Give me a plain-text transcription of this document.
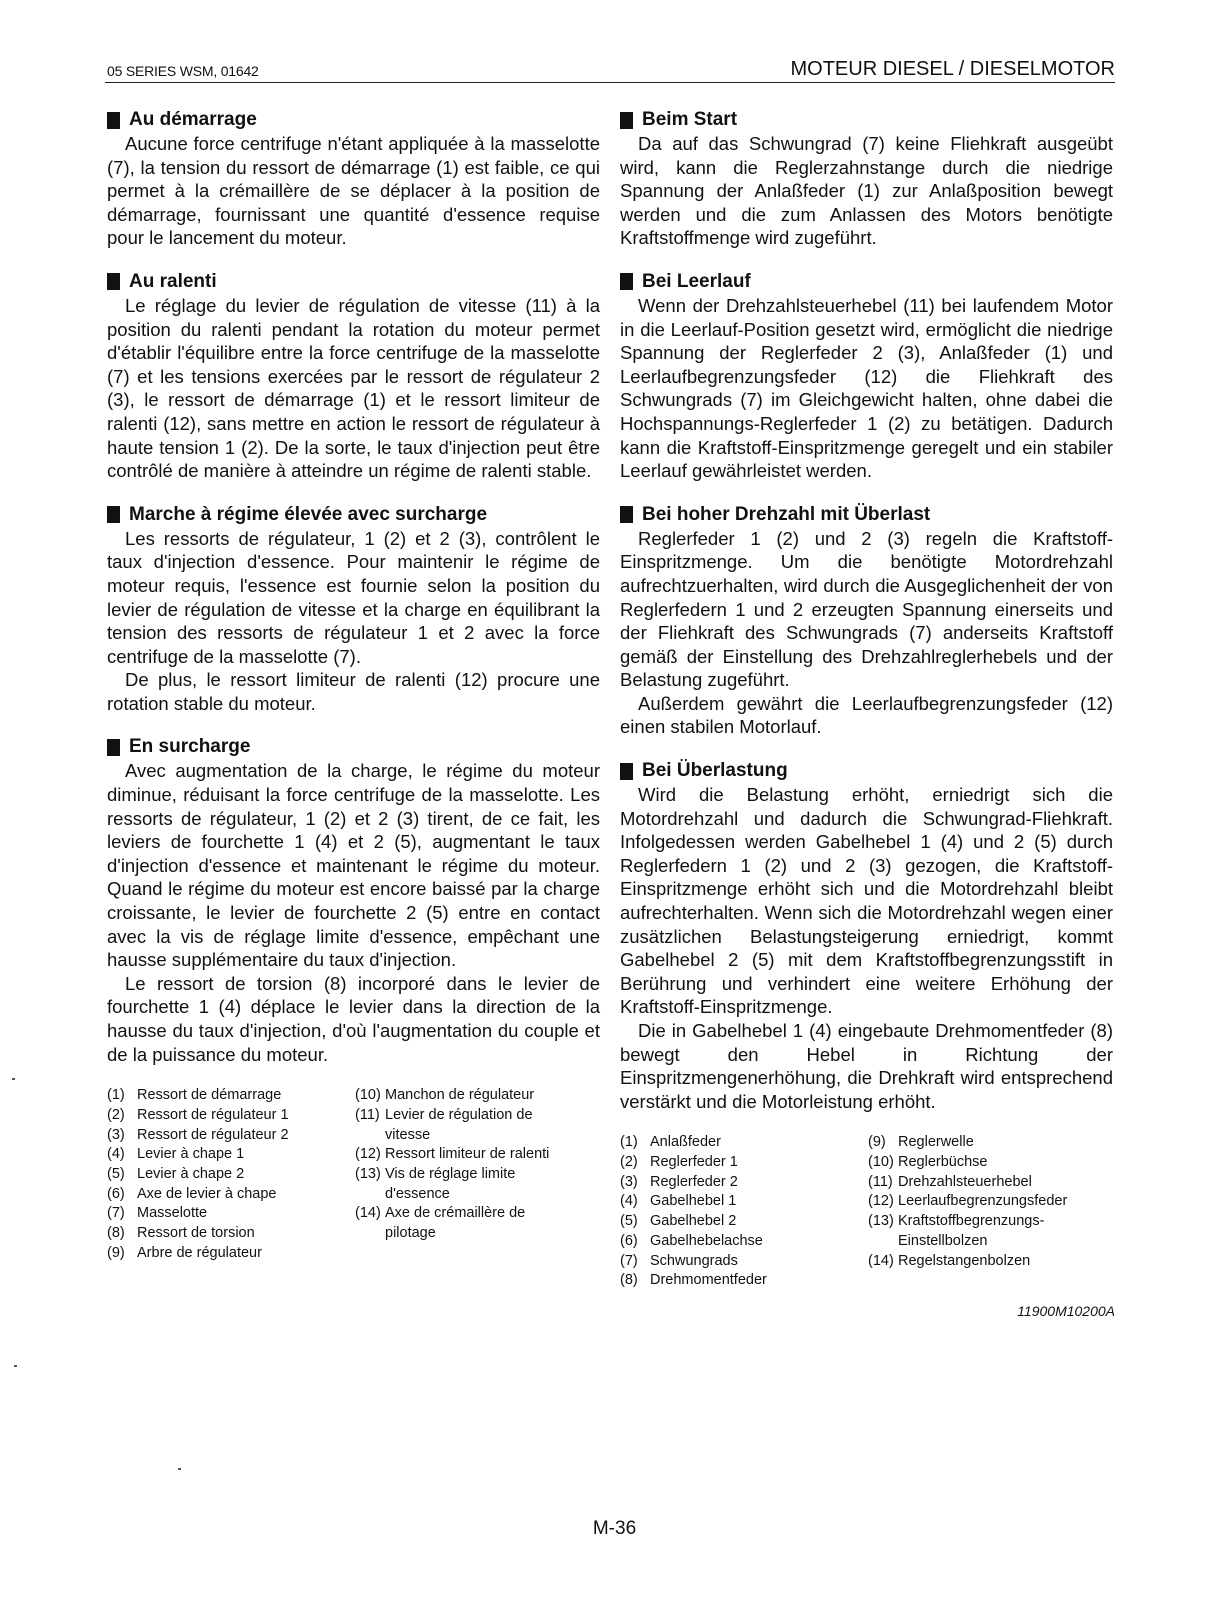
05 SERIES WSM, 01642	MOTEUR DIESEL / DIESELMOTOR
Au démarrage

Aucune force centrifuge n'étant appliquée à la masselotte (7), la tension du ressort de démarrage (1) est faible, ce qui permet à la crémaillère de se déplacer à la position de démarrage, fournissant une quantité d'essence requise pour le lancement du moteur.

Au ralenti

Le réglage du levier de régulation de vitesse (11) à la position du ralenti pendant la rotation du moteur permet d'établir l'équilibre entre la force centrifuge de la masselotte (7) et les tensions exercées par le ressort de régulateur 2 (3), le ressort de démarrage (1) et le ressort limiteur de ralenti (12), sans mettre en action le ressort de régulateur à haute tension 1 (2). De la sorte, le taux d'injection peut être contrôlé de manière à atteindre un régime de ralenti stable.

Marche à régime élevée avec surcharge

Les ressorts de régulateur, 1 (2) et 2 (3), contrôlent le taux d'injection d'essence. Pour maintenir le régime de moteur requis, l'essence est fournie selon la position du levier de régulation de vitesse et la charge en équilibrant la tension des ressorts de régulateur 1 et 2 avec la force centrifuge de la masselotte (7).

De plus, le ressort limiteur de ralenti (12) procure une rotation stable du moteur.

En surcharge

Avec augmentation de la charge, le régime du moteur diminue, réduisant la force centrifuge de la masselotte. Les ressorts de régulateur, 1 (2) et 2 (3) tirent, de ce fait, les leviers de fourchette 1 (4) et 2 (5), augmentant le taux d'injection d'essence et maintenant le régime du moteur. Quand le régime du moteur est encore baissé par la charge croissante, le levier de fourchette 2 (5) entre en contact avec la vis de réglage limite d'essence, empêchant une hausse supplémentaire du taux d'injection.

Le ressort de torsion (8) incorporé dans le levier de fourchette 1 (4) déplace le levier dans la direction de la hausse du taux d'injection, d'où l'augmentation du couple et de la puissance du moteur.

(1) Ressort de démarrage
(2) Ressort de régulateur 1
(3) Ressort de régulateur 2
(4) Levier à chape 1
(5) Levier à chape 2
(6) Axe de levier à chape
(7) Masselotte
(8) Ressort de torsion
(9) Arbre de régulateur
(10) Manchon de régulateur
(11) Levier de régulation de
vitesse
(12) Ressort limiteur de ralenti
(13) Vis de réglage limite
d'essence
(14) Axe de crémaillère de
pilotage
Beim Start

Da auf das Schwungrad (7) keine Fliehkraft ausgeübt wird, kann die Reglerzahnstange durch die niedrige Spannung der Anlaßfeder (1) zur Anlaßposition bewegt werden und die zum Anlassen des Motors benötigte Kraftstoffmenge wird zugeführt.

Bei Leerlauf

Wenn der Drehzahlsteuerhebel (11) bei laufendem Motor in die Leerlauf-Position gesetzt wird, ermöglicht die niedrige Spannung der Reglerfeder 2 (3), Anlaßfeder (1) und Leerlaufbegrenzungsfeder (12) die Fliehkraft des Schwungrads (7) im Gleichgewicht halten, ohne dabei die Hochspannungs-Reglerfeder 1 (2) zu betätigen. Dadurch kann die Kraftstoff-Einspritzmenge geregelt und ein stabiler Leerlauf gewährleistet werden.

Bei hoher Drehzahl mit Überlast

Reglerfeder 1 (2) und 2 (3) regeln die Kraftstoff-Einspritzmenge. Um die benötigte Motordrehzahl aufrechtzuerhalten, wird durch die Ausgeglichenheit der von Reglerfedern 1 und 2 erzeugten Spannung einerseits und der Fliehkraft des Schwungrads (7) anderseits Kraftstoff gemäß der Einstellung des Drehzahlreglerhebels und der Belastung zugeführt.

Außerdem gewährt die Leerlaufbegrenzungsfeder (12) einen stabilen Motorlauf.

Bei Überlastung

Wird die Belastung erhöht, erniedrigt sich die Motordrehzahl und dadurch die Schwungrad-Fliehkraft. Infolgedessen werden Gabelhebel 1 (4) und 2 (5) durch Reglerfedern 1 (2) und 2 (3) gezogen, die Kraftstoff-Einspritzmenge erhöht sich und die Motordrehzahl bleibt aufrechterhalten. Wenn sich die Motordrehzahl wegen einer zusätzlichen Belastungsteigerung erniedrigt, kommt Gabelhebel 2 (5) mit dem Kraftstoffbegrenzungsstift in Berührung und verhindert eine weitere Erhöhung der Kraftstoff-Einspritzmenge.

Die in Gabelhebel 1 (4) eingebaute Drehmomentfeder (8) bewegt den Hebel in Richtung der Einspritzmengenerhöhung, die Drehkraft wird entsprechend verstärkt und die Motorleistung erhöht.

(1) Anlaßfeder
(2) Reglerfeder 1
(3) Reglerfeder 2
(4) Gabelhebel 1
(5) Gabelhebel 2
(6) Gabelhebelachse
(7) Schwungrads
(8) Drehmomentfeder
(9) Reglerwelle
(10) Reglerbüchse
(11) Drehzahlsteuerhebel
(12) Leerlaufbegrenzungsfeder
(13) Kraftstoffbegrenzungs-
Einstellbolzen
(14) Regelstangenbolzen
11900M10200A
M-36
